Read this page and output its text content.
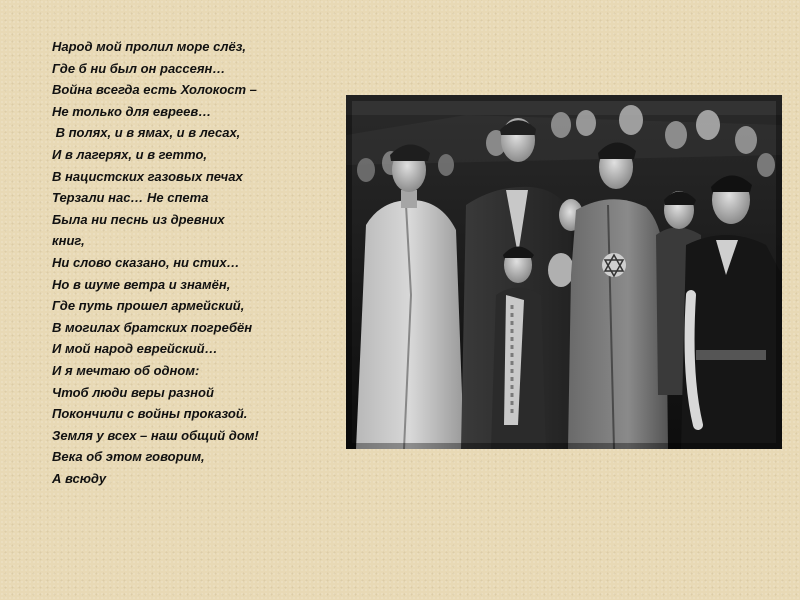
Народ мой пролил море слёз,
Где б ни был он рассеян…
Война всегда есть Холокост –
Не только для евреев…
В полях, и в ямах, и в лесах,
И в лагерях, и в гетто,
В нацистских газовых печах
Терзали нас… Не спета
Была ни песнь из древних
книг,
Ни слово сказано, ни стих…
Но в шуме ветра и знамён,
Где путь прошел армейский,
В могилах братских погребён
И мой народ еврейский…
И я мечтаю об одном:
Чтоб люди веры разной
Покончили с войны проказой.
Земля у всех – наш общий дом!
Века об этом говорим,
А всюду
